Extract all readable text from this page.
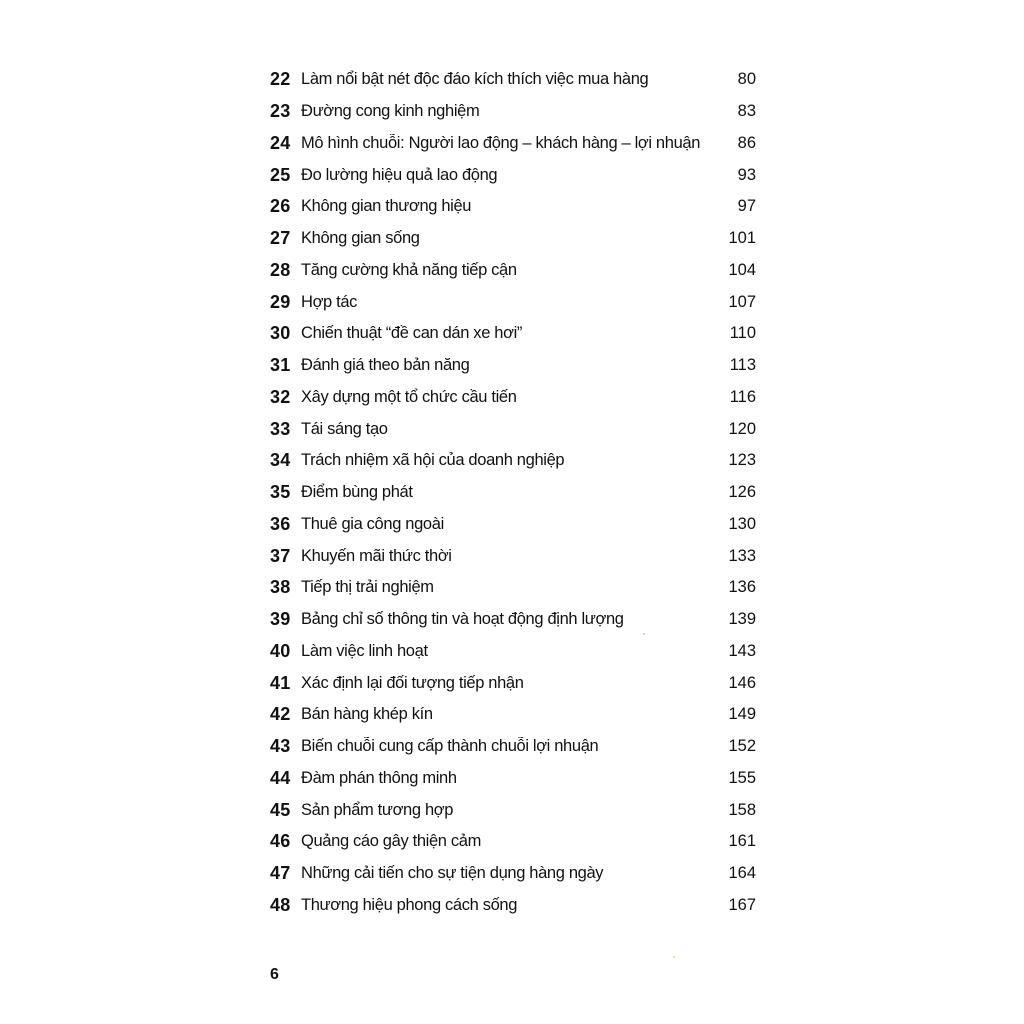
22 Làm nổi bật nét độc đáo kích thích việc mua hàng	80
23 Đường cong kinh nghiệm	83
24 Mô hình chuỗi: Người lao động – khách hàng – lợi nhuận	86
25 Đo lường hiệu quả lao động	93
26 Không gian thương hiệu	97
27 Không gian sống	101
28 Tăng cường khả năng tiếp cận	104
29 Hợp tác	107
30 Chiến thuật “đề can dán xe hơi”	110
31 Đánh giá theo bản năng	113
32 Xây dựng một tổ chức cầu tiến	116
33 Tái sáng tạo	120
34 Trách nhiệm xã hội của doanh nghiệp	123
35 Điểm bùng phát	126
36 Thuê gia công ngoài	130
37 Khuyến mãi thức thời	133
38 Tiếp thị trải nghiệm	136
39 Bảng chỉ số thông tin và hoạt động định lượng	139
40 Làm việc linh hoạt	143
41 Xác định lại đối tượng tiếp nhận	146
42 Bán hàng khép kín	149
43 Biến chuỗi cung cấp thành chuỗi lợi nhuận	152
44 Đàm phán thông minh	155
45 Sản phẩm tương hợp	158
46 Quảng cáo gây thiện cảm	161
47 Những cải tiến cho sự tiện dụng hàng ngày	164
48 Thương hiệu phong cách sống	167
6
